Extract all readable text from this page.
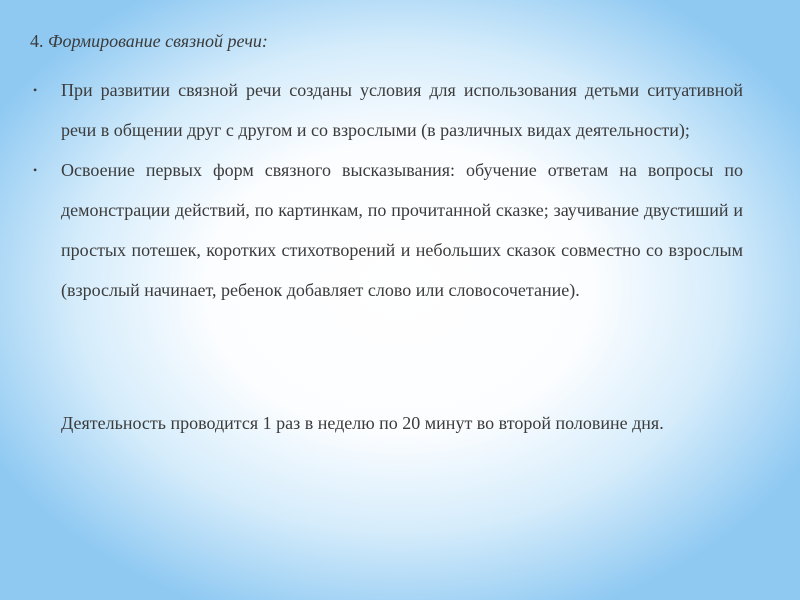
4. Формирование связной речи:
• При развитии связной речи созданы условия для использования детьми ситуативной речи в общении друг с другом и со взрослыми (в различных видах деятельности);
• Освоение первых форм связного высказывания: обучение ответам на вопросы по демонстрации действий, по картинкам, по прочитанной сказке; заучивание двустиший и простых потешек, коротких стихотворений и небольших сказок совместно со взрослым (взрослый начинает, ребенок добавляет слово или словосочетание).

Деятельность проводится 1 раз в неделю по 20 минут во второй половине дня.
